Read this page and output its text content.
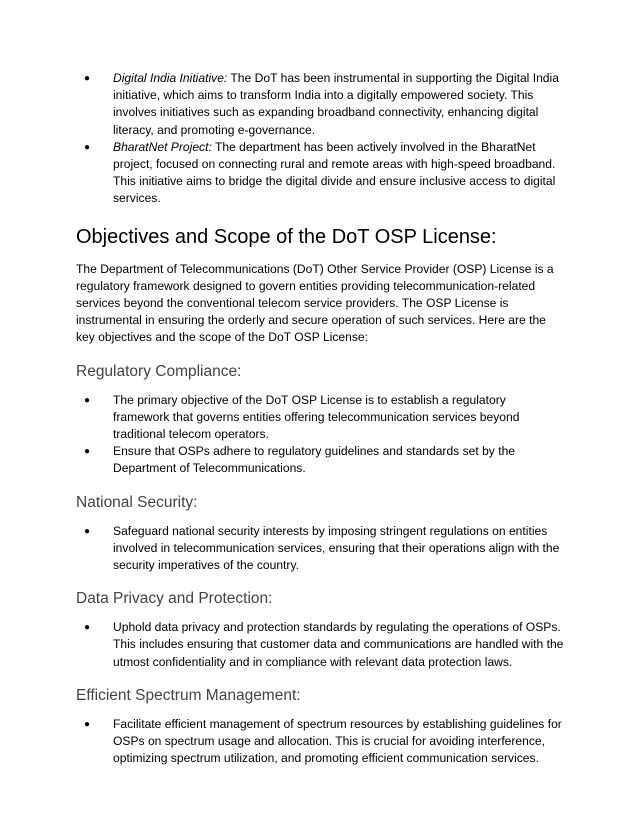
● Digital India Initiative: The DoT has been instrumental in supporting the Digital India initiative, which aims to transform India into a digitally empowered society. This involves initiatives such as expanding broadband connectivity, enhancing digital literacy, and promoting e-governance.
● BharatNet Project: The department has been actively involved in the BharatNet project, focused on connecting rural and remote areas with high-speed broadband. This initiative aims to bridge the digital divide and ensure inclusive access to digital services.
Objectives and Scope of the DoT OSP License:

The Department of Telecommunications (DoT) Other Service Provider (OSP) License is a regulatory framework designed to govern entities providing telecommunication-related services beyond the conventional telecom service providers. The OSP License is instrumental in ensuring the orderly and secure operation of such services. Here are the key objectives and the scope of the DoT OSP License:

Regulatory Compliance:
● The primary objective of the DoT OSP License is to establish a regulatory framework that governs entities offering telecommunication services beyond traditional telecom operators.
● Ensure that OSPs adhere to regulatory guidelines and standards set by the Department of Telecommunications.
National Security:
● Safeguard national security interests by imposing stringent regulations on entities involved in telecommunication services, ensuring that their operations align with the security imperatives of the country.
Data Privacy and Protection:
● Uphold data privacy and protection standards by regulating the operations of OSPs. This includes ensuring that customer data and communications are handled with the utmost confidentiality and in compliance with relevant data protection laws.
Efficient Spectrum Management:
● Facilitate efficient management of spectrum resources by establishing guidelines for OSPs on spectrum usage and allocation. This is crucial for avoiding interference, optimizing spectrum utilization, and promoting efficient communication services.
